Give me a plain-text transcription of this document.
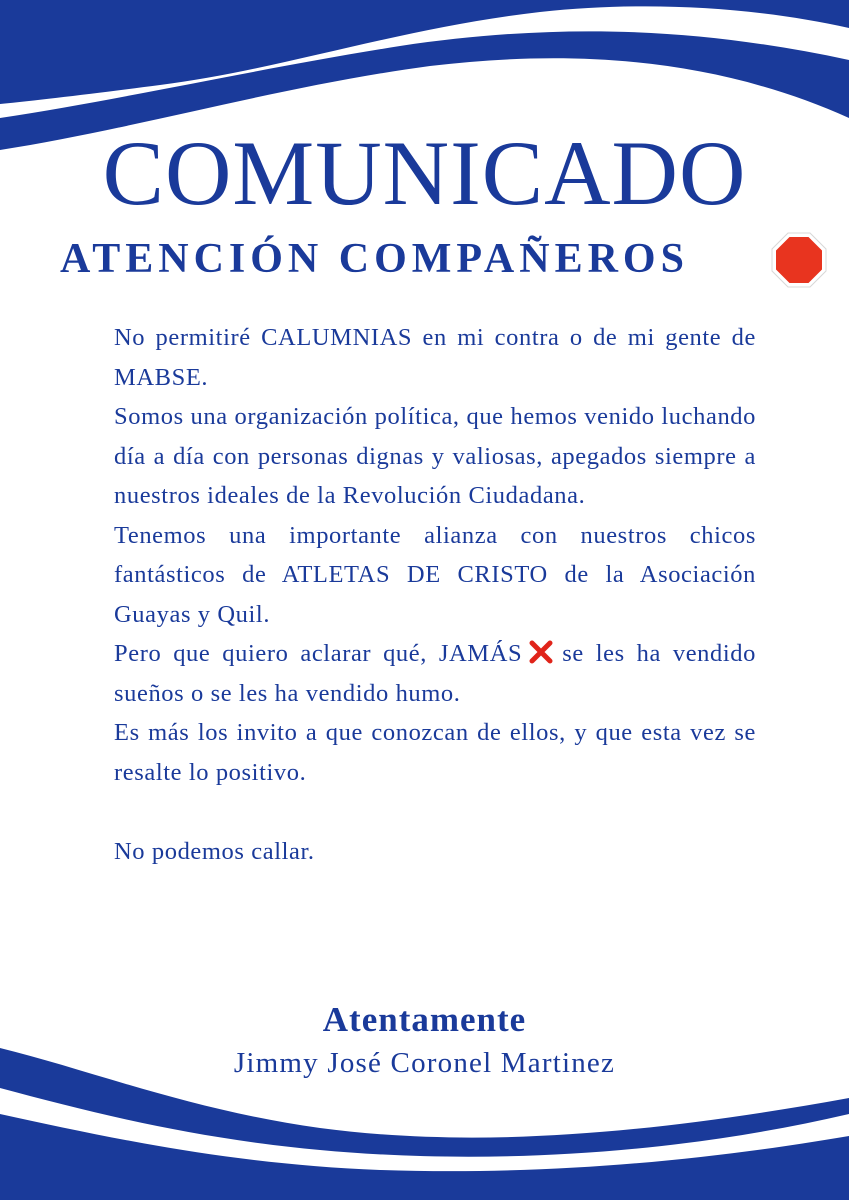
COMUNICADO
ATENCIÓN COMPAÑEROS

No permitiré CALUMNIAS en mi contra o de mi gente de MABSE.

Somos una organización política, que hemos venido luchando día a día con personas dignas y valiosas, apegados siempre a nuestros ideales de la Revolución Ciudadana.

Tenemos una importante alianza con nuestros chicos fantásticos de ATLETAS DE CRISTO de la Asociación Guayas y Quil.

Pero que quiero aclarar qué, JAMÁS se les ha vendido sueños o se les ha vendido humo.

Es más los invito a que conozcan de ellos, y que esta vez se resalte lo positivo.

No podemos callar.

Atentamente
Jimmy José Coronel Martinez
